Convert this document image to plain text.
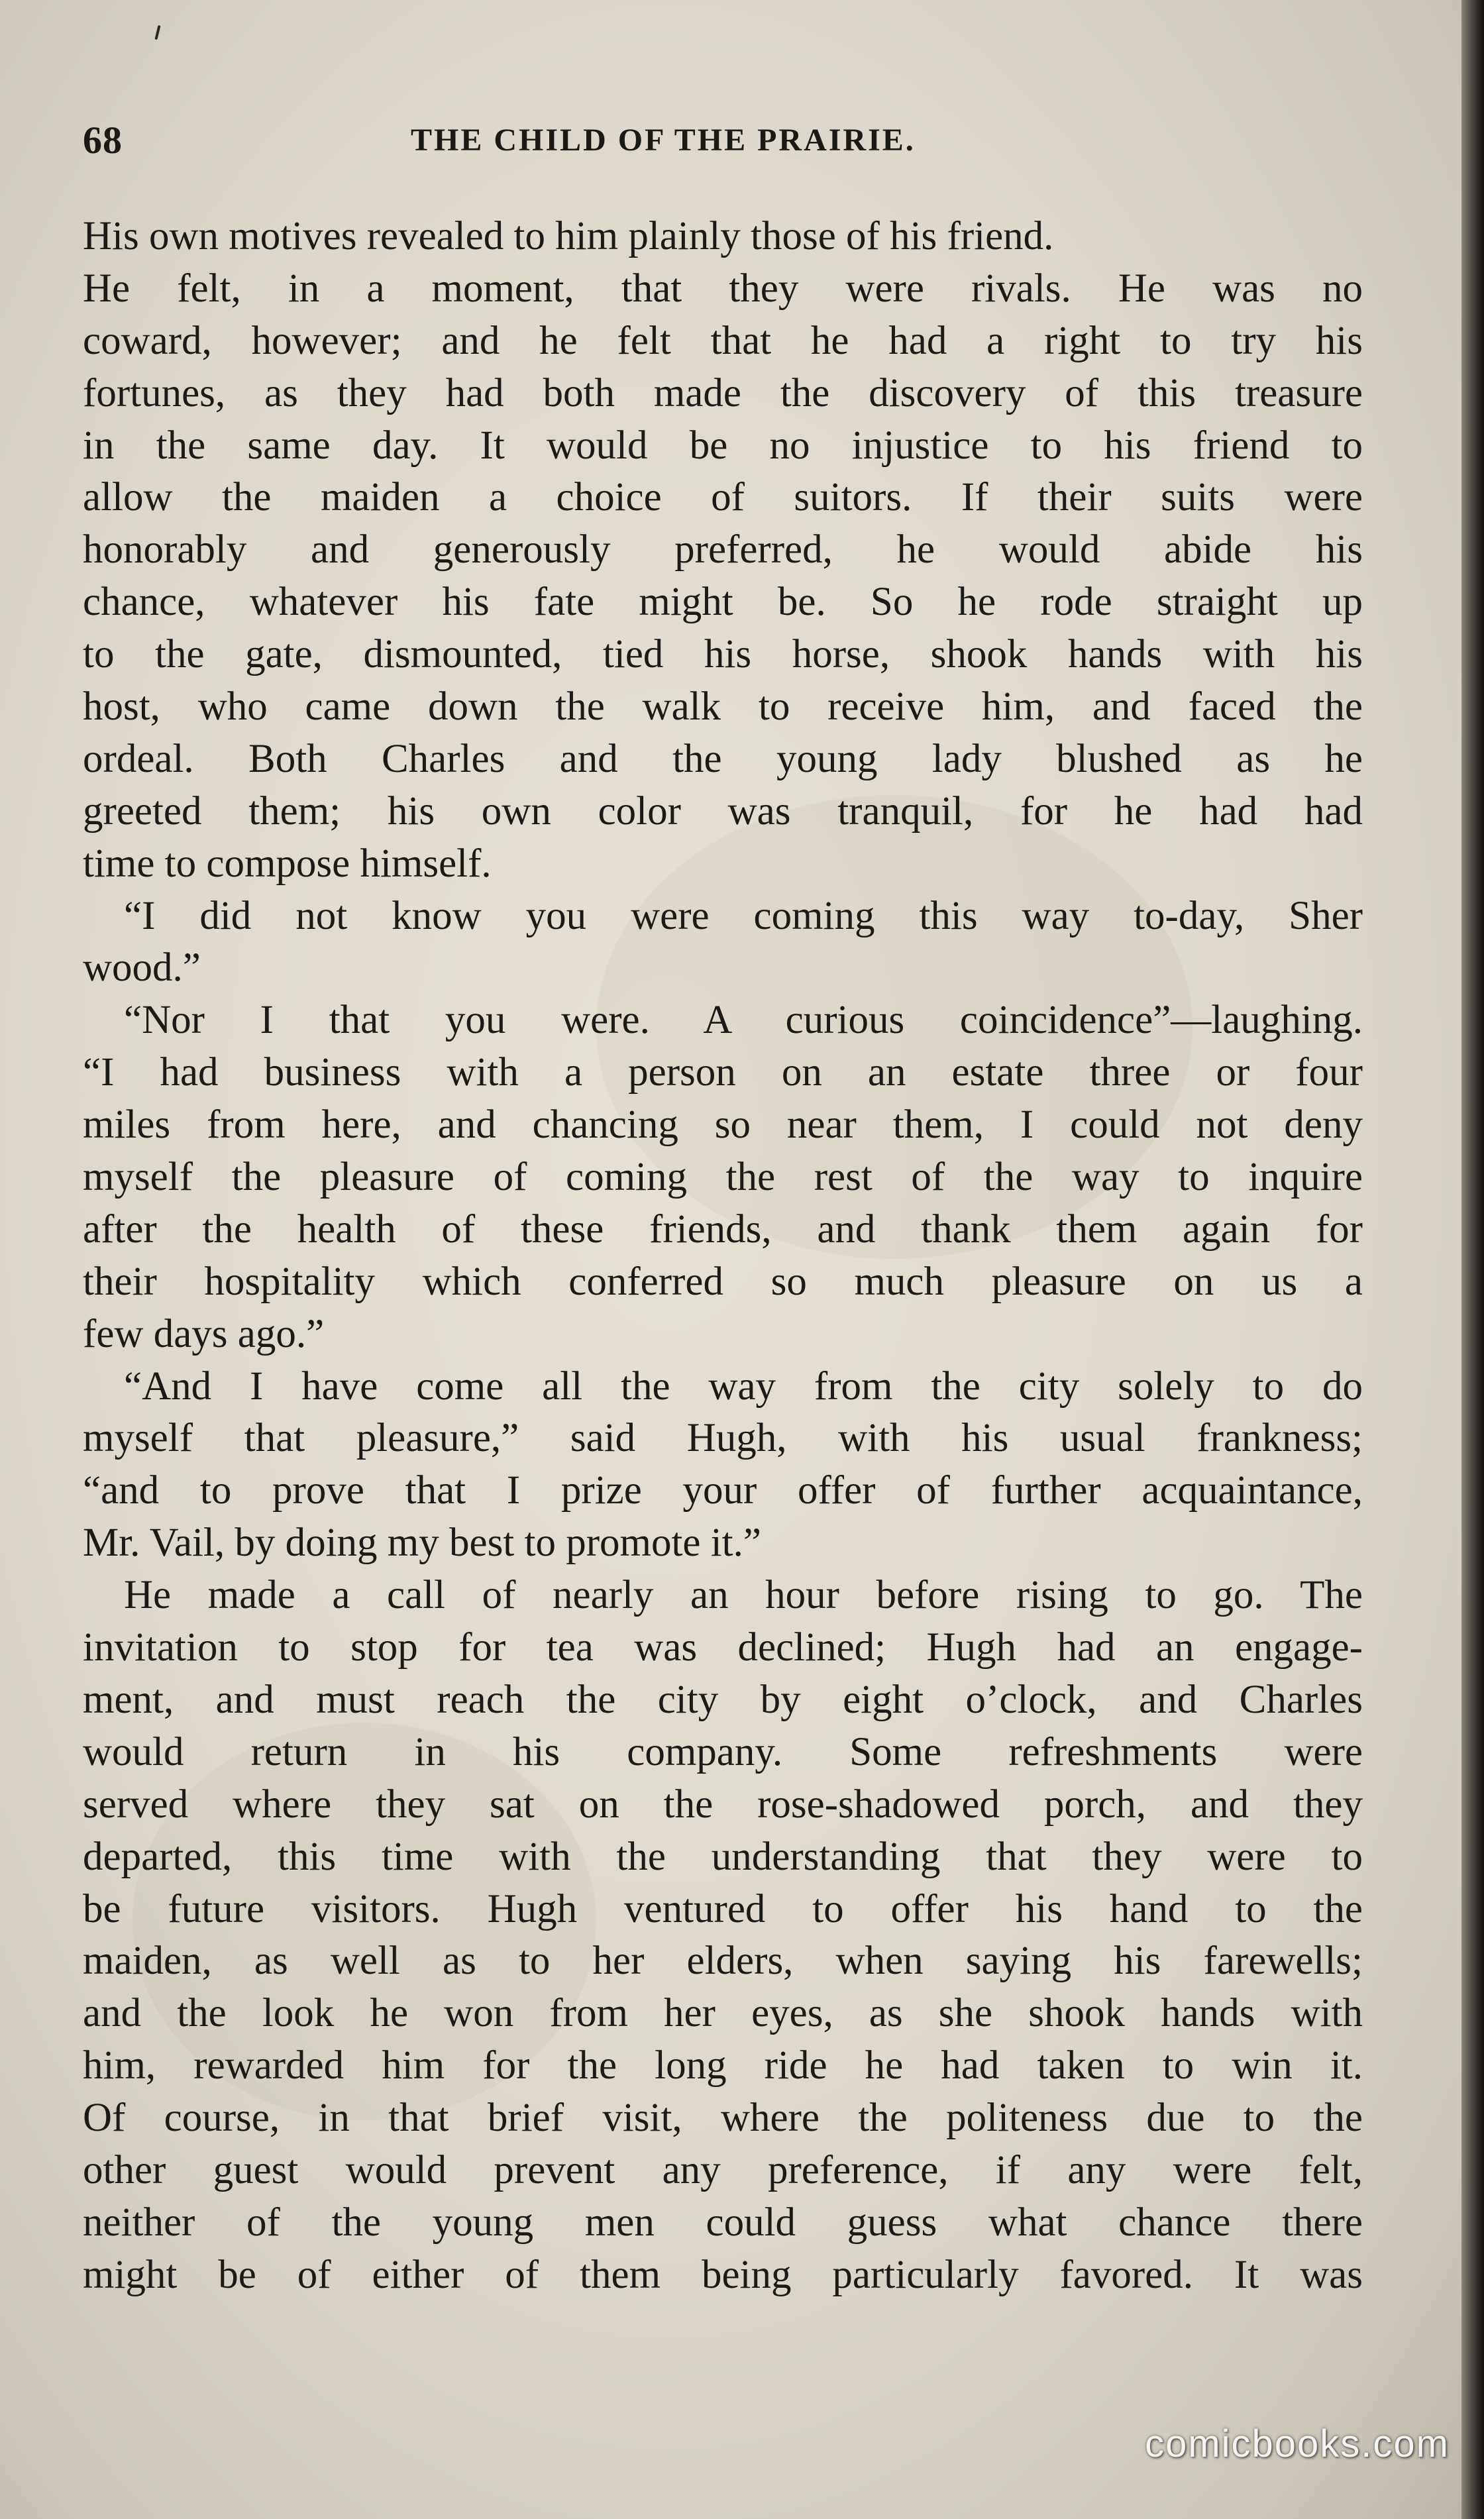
68	THE CHILD OF THE PRAIRIE.
His own motives revealed to him plainly those of his friend.
He felt, in a moment, that they were rivals. He was no
coward, however; and he felt that he had a right to try his
fortunes, as they had both made the discovery of this treasure
in the same day. It would be no injustice to his friend to
allow the maiden a choice of suitors. If their suits were
honorably and generously preferred, he would abide his
chance, whatever his fate might be. So he rode straight up
to the gate, dismounted, tied his horse, shook hands with his
host, who came down the walk to receive him, and faced the
ordeal. Both Charles and the young lady blushed as he
greeted them; his own color was tranquil, for he had had
time to compose himself.
“I did not know you were coming this way to-day, Sher
wood.”
“Nor I that you were. A curious coincidence”—laughing.
“I had business with a person on an estate three or four
miles from here, and chancing so near them, I could not deny
myself the pleasure of coming the rest of the way to inquire
after the health of these friends, and thank them again for
their hospitality which conferred so much pleasure on us a
few days ago.”
“And I have come all the way from the city solely to do
myself that pleasure,” said Hugh, with his usual frankness;
“and to prove that I prize your offer of further acquaintance,
Mr. Vail, by doing my best to promote it.”
He made a call of nearly an hour before rising to go. The
invitation to stop for tea was declined; Hugh had an engage-
ment, and must reach the city by eight o’clock, and Charles
would return in his company. Some refreshments were
served where they sat on the rose-shadowed porch, and they
departed, this time with the understanding that they were to
be future visitors. Hugh ventured to offer his hand to the
maiden, as well as to her elders, when saying his farewells;
and the look he won from her eyes, as she shook hands with
him, rewarded him for the long ride he had taken to win it.
Of course, in that brief visit, where the politeness due to the
other guest would prevent any preference, if any were felt,
neither of the young men could guess what chance there
might be of either of them being particularly favored. It was
comicbooks.com
